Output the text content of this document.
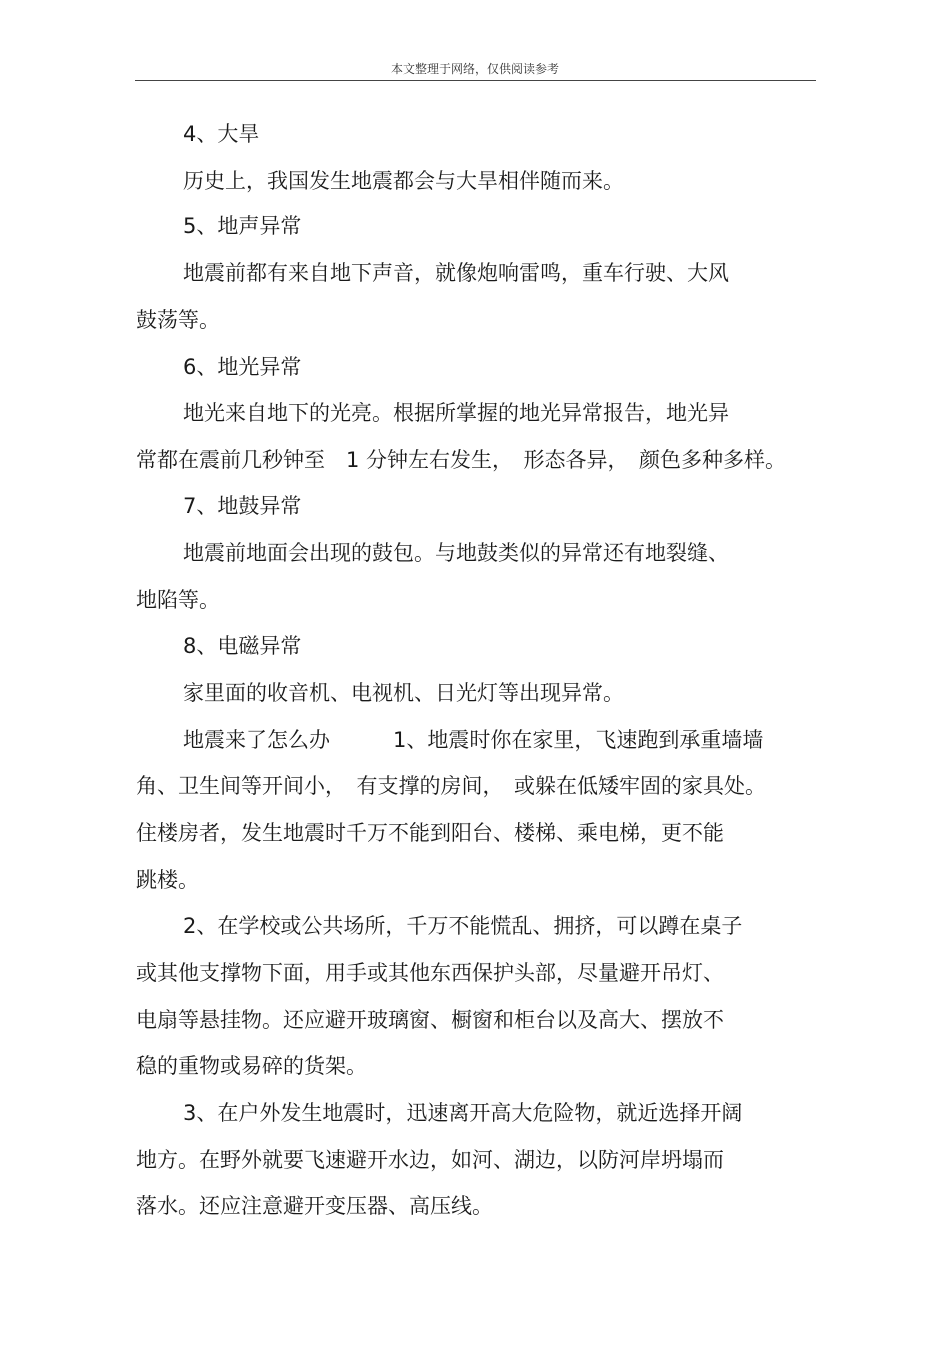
本文整理于网络，仅供阅读参考
4、大旱
历史上，我国发生地震都会与大旱相伴随而来。
5、地声异常
地震前都有来自地下声音，就像炮响雷鸣，重车行驶、大风
鼓荡等。
6、地光异常
地光来自地下的光亮。根据所掌握的地光异常报告，地光异
常都在震前几秒钟至　1 分钟左右发生，　形态各异，　颜色多种多样。
7、地鼓异常
地震前地面会出现的鼓包。与地鼓类似的异常还有地裂缝、
地陷等。
8、电磁异常
家里面的收音机、电视机、日光灯等出现异常。
地震来了怎么办　　　1、地震时你在家里，飞速跑到承重墙墙
角、卫生间等开间小，　有支撑的房间，　或躲在低矮牢固的家具处。
住楼房者，发生地震时千万不能到阳台、楼梯、乘电梯，更不能
跳楼。
2、在学校或公共场所，千万不能慌乱、拥挤，可以蹲在桌子
或其他支撑物下面，用手或其他东西保护头部，尽量避开吊灯、
电扇等悬挂物。还应避开玻璃窗、橱窗和柜台以及高大、摆放不
稳的重物或易碎的货架。
3、在户外发生地震时，迅速离开高大危险物，就近选择开阔
地方。在野外就要飞速避开水边，如河、湖边，以防河岸坍塌而
落水。还应注意避开变压器、高压线。
